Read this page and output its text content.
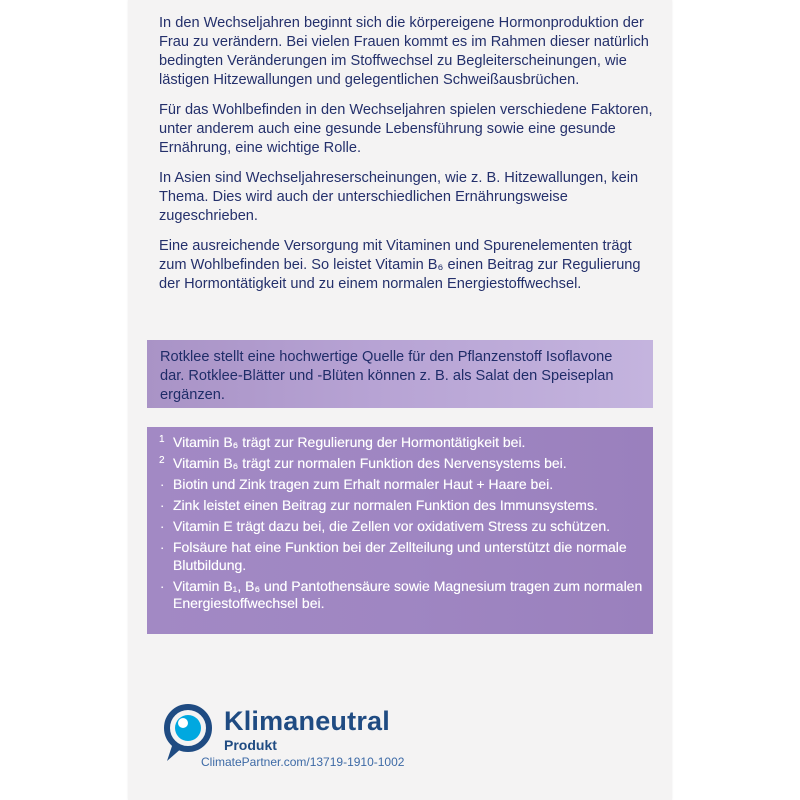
In den Wechseljahren beginnt sich die körpereigene Hormonproduktion der Frau zu verändern. Bei vielen Frauen kommt es im Rahmen dieser natürlich bedingten Veränderungen im Stoffwechsel zu Begleiterscheinungen, wie lästigen Hitzewallungen und gelegentlichen Schweißausbrüchen.

Für das Wohlbefinden in den Wechseljahren spielen verschiedene Faktoren, unter anderem auch eine gesunde Lebensführung sowie eine gesunde Ernährung, eine wichtige Rolle.

In Asien sind Wechseljahreserscheinungen, wie z. B. Hitzewallungen, kein Thema. Dies wird auch der unterschiedlichen Ernährungsweise zugeschrieben.

Eine ausreichende Versorgung mit Vitaminen und Spurenelementen trägt zum Wohlbefinden bei. So leistet Vitamin B₆ einen Beitrag zur Regulierung der Hormontätigkeit und zu einem normalen Energiestoffwechsel.

Rotklee stellt eine hochwertige Quelle für den Pflanzenstoff Isoflavone dar. Rotklee-Blätter und -Blüten können z. B. als Salat den Speiseplan ergänzen.

1 Vitamin B₆ trägt zur Regulierung der Hormontätigkeit bei.
2 Vitamin B₆ trägt zur normalen Funktion des Nervensystems bei.
· Biotin und Zink tragen zum Erhalt normaler Haut + Haare bei.
· Zink leistet einen Beitrag zur normalen Funktion des Immunsystems.
· Vitamin E trägt dazu bei, die Zellen vor oxidativem Stress zu schützen.
· Folsäure hat eine Funktion bei der Zellteilung und unterstützt die normale Blutbildung.
· Vitamin B₁, B₆ und Pantothensäure sowie Magnesium tragen zum normalen Energiestoffwechsel bei.
Klimaneutral
Produkt
ClimatePartner.com/13719-1910-1002
